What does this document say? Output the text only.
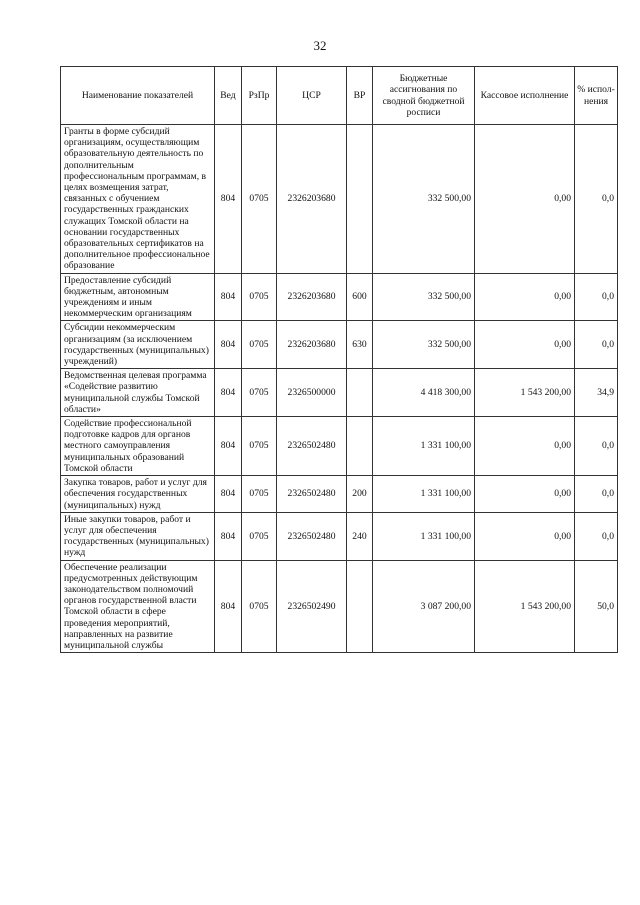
32
Наименование показателей	Вед	РзПр	ЦСР	ВР	Бюджетные ассигнования по сводной бюджетной росписи	Кассовое исполнение	% испол-нения
Гранты в форме субсидий организациям, осуществляющим образовательную деятельность по дополнительным профессиональным программам, в целях возмещения затрат, связанных с обучением государственных гражданских служащих Томской области на основании государственных образовательных сертификатов на дополнительное профессиональное образование	804	0705	2326203680		332 500,00	0,00	0,0
Предоставление субсидий бюджетным, автономным учреждениям и иным некоммерческим организациям	804	0705	2326203680	600	332 500,00	0,00	0,0
Субсидии некоммерческим организациям (за исключением государственных (муниципальных) учреждений)	804	0705	2326203680	630	332 500,00	0,00	0,0
Ведомственная целевая программа «Содействие развитию муниципальной службы Томской области»	804	0705	2326500000		4 418 300,00	1 543 200,00	34,9
Содействие профессиональной подготовке кадров для органов местного самоуправления муниципальных образований Томской области	804	0705	2326502480		1 331 100,00	0,00	0,0
Закупка товаров, работ и услуг для обеспечения государственных (муниципальных) нужд	804	0705	2326502480	200	1 331 100,00	0,00	0,0
Иные закупки товаров, работ и услуг для обеспечения государственных (муниципальных) нужд	804	0705	2326502480	240	1 331 100,00	0,00	0,0
Обеспечение реализации предусмотренных действующим законодательством полномочий органов государственной власти Томской области в сфере проведения мероприятий, направленных на развитие муниципальной службы	804	0705	2326502490		3 087 200,00	1 543 200,00	50,0
